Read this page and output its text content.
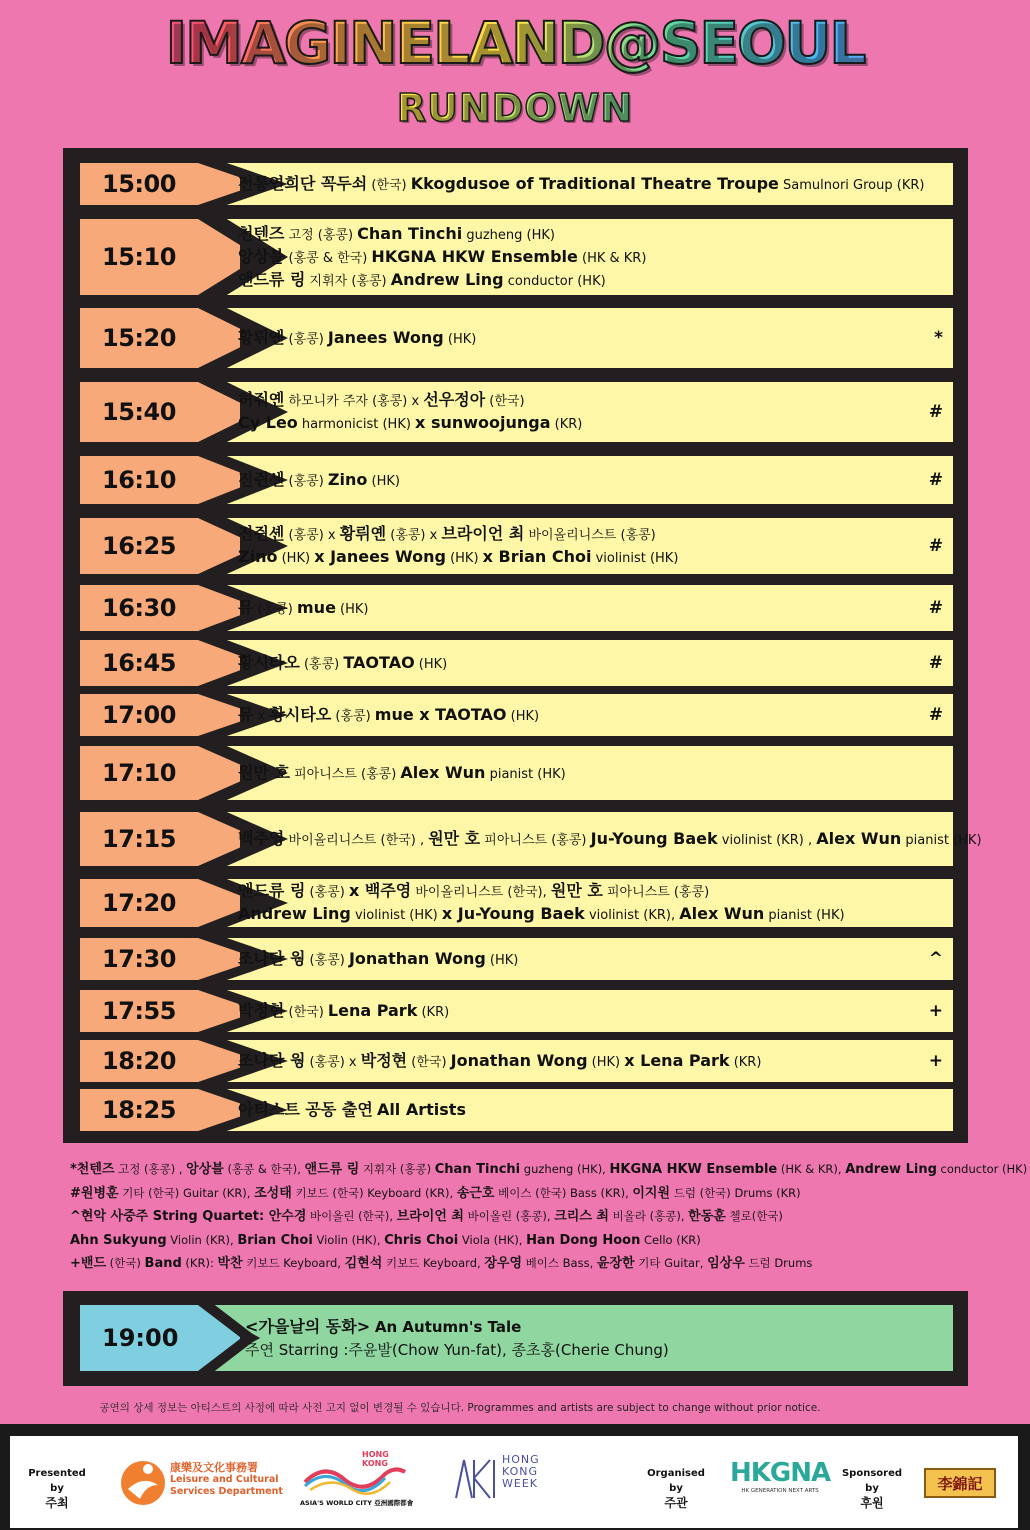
IMAGINELAND@SEOUL
RUNDOWN
15:00	전통연희단 꼭두쇠 (한국) Kkogdusoe of Traditional Theatre Troupe Samulnori Group (KR)
15:10
천텐즈 고정 (홍콩) Chan Tinchi guzheng (HK)
앙상블 (홍콩 & 한국) HKGNA HKW Ensemble (HK & KR)
앤드류 링 지휘자 (홍콩) Andrew Ling conductor (HK)
15:20	황뤼옌 (홍콩) Janees Wong (HK)	*
15:40	허줘옌 하모니카 주자 (홍콩) x 선우정아 (한국)
Cy Leo harmonicist (HK) x sunwoojunga (KR)
#
16:10	진쥔센 (홍콩) Zino (HK)	#
16:25	진쥔셴 (홍콩) x 황뤼옌 (홍콩) x 브라이언 최 바이올리니스트 (홍콩)
Zino (HK) x Janees Wong (HK) x Brian Choi violinist (HK)
#
16:30	뮤 (홍콩) mue (HK)	#
16:45	황시타오 (홍콩) TAOTAO (HK)	#
17:00	뮤 x 황시타오 (홍콩) mue x TAOTAO (HK)	#
17:10	원만 호 피아니스트 (홍콩) Alex Wun pianist (HK)
17:15	백주영 바이올리니스트 (한국) , 원만 호 피아니스트 (홍콩) Ju-Young Baek violinist (KR) , Alex Wun pianist (HK)
17:20	앤드류 링 (홍콩) x 백주영 바이올리니스트 (한국), 원만 호 피아니스트 (홍콩)
Andrew Ling violinist (HK) x Ju-Young Baek violinist (KR), Alex Wun pianist (HK)
17:30	조나단 웡 (홍콩) Jonathan Wong (HK)	^
17:55	박정현 (한국) Lena Park (KR)	+
18:20	조나단 웡 (홍콩) x 박정현 (한국) Jonathan Wong (HK) x Lena Park (KR)	+
18:25	아티스트 공동 출연 All Artists
*천텐즈 고정 (홍콩) , 앙상블 (홍콩 & 한국), 앤드류 링 지휘자 (홍콩) Chan Tinchi guzheng (HK), HKGNA HKW Ensemble (HK & KR), Andrew Ling conductor (HK)
#원병훈 기타 (한국) Guitar (KR), 조성태 키보드 (한국) Keyboard (KR), 송근호 베이스 (한국) Bass (KR), 이지원 드럼 (한국) Drums (KR)
^현악 사중주 String Quartet: 안수경 바이올린 (한국), 브라이언 최 바이올린 (홍콩), 크리스 최 비올라 (홍콩), 한동훈 첼로(한국)
Ahn Sukyung Violin (KR), Brian Choi Violin (HK), Chris Choi Viola (HK), Han Dong Hoon Cello (KR)
+밴드 (한국) Band (KR): 박찬 키보드 Keyboard, 김현석 키보드 Keyboard, 장우영 베이스 Bass, 윤장한 기타 Guitar, 임상우 드럼 Drums
19:00	<가을날의 동화> An Autumn's Tale
주연 Starring :주윤발(Chow Yun-fat), 종초홍(Cherie Chung)
공연의 상세 정보는 아티스트의 사정에 따라 사전 고지 없이 변경될 수 있습니다. Programmes and artists are subject to change without prior notice.
Presented by
주최
康樂及文化事務署
Leisure and Cultural
Services Department
HONG KONG
ASIA'S WORLD CITY 亞洲國際都會
HONG KONG WEEK
Organised by
주관
HKGNA
HK GENERATION NEXT ARTS
Sponsored by
후원
李錦記
